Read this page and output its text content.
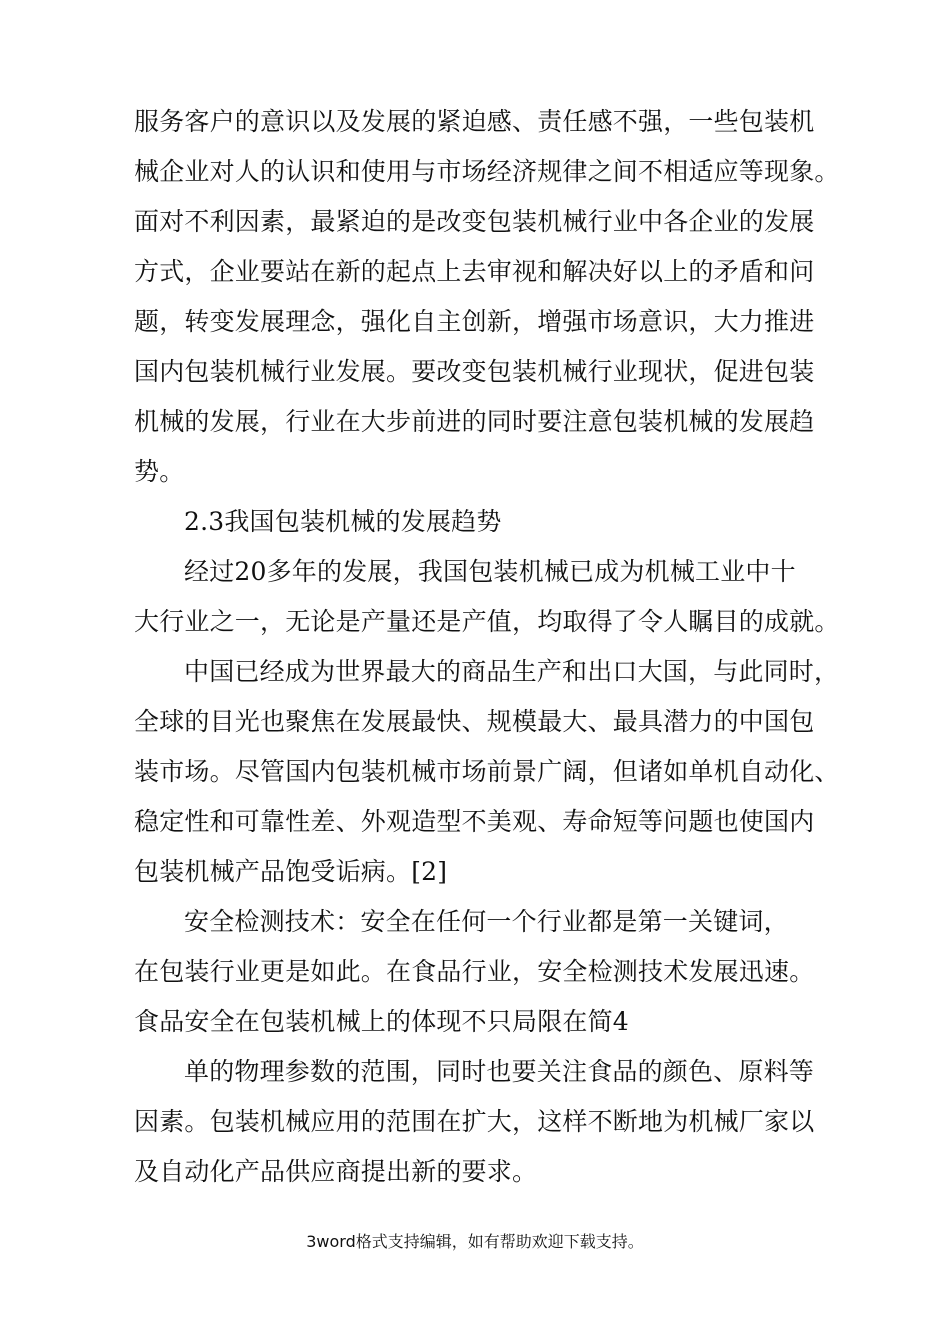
服务客户的意识以及发展的紧迫感、责任感不强，一些包装机
械企业对人的认识和使用与市场经济规律之间不相适应等现象。
面对不利因素，最紧迫的是改变包装机械行业中各企业的发展
方式，企业要站在新的起点上去审视和解决好以上的矛盾和问
题，转变发展理念，强化自主创新，增强市场意识，大力推进
国内包装机械行业发展。要改变包装机械行业现状，促进包装
机械的发展，行业在大步前进的同时要注意包装机械的发展趋
势。
2.3我国包装机械的发展趋势
经过20多年的发展，我国包装机械已成为机械工业中十
大行业之一，无论是产量还是产值，均取得了令人瞩目的成就。
中国已经成为世界最大的商品生产和出口大国，与此同时，
全球的目光也聚焦在发展最快、规模最大、最具潜力的中国包
装市场。尽管国内包装机械市场前景广阔，但诸如单机自动化、
稳定性和可靠性差、外观造型不美观、寿命短等问题也使国内
包装机械产品饱受诟病。[2]
安全检测技术：安全在任何一个行业都是第一关键词，
在包装行业更是如此。在食品行业，安全检测技术发展迅速。
食品安全在包装机械上的体现不只局限在简4
单的物理参数的范围，同时也要关注食品的颜色、原料等
因素。包装机械应用的范围在扩大，这样不断地为机械厂家以
及自动化产品供应商提出新的要求。
3word格式支持编辑，如有帮助欢迎下载支持。
